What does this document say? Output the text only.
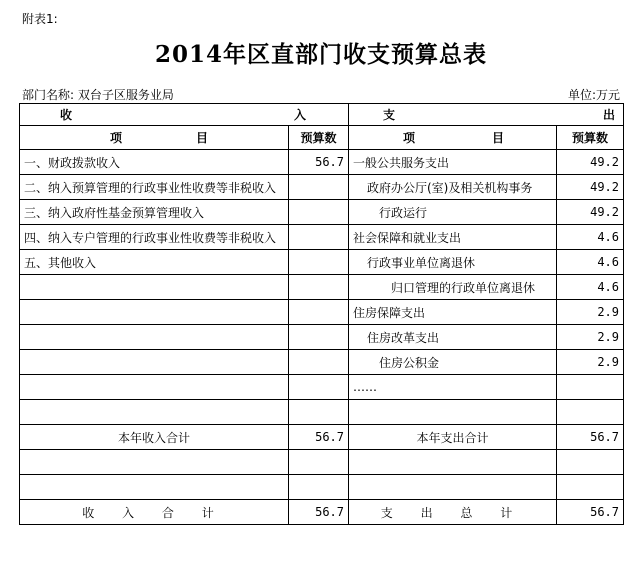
附表1:
2014年区直部门收支预算总表
部门名称: 双台子区服务业局	单位:万元
收 入		支 出	

项 目	预算数	项 目	预算数
一、财政拨款收入	56.7	一般公共服务支出	49.2
二、纳入预算管理的行政事业性收费等非税收入		政府办公厅(室)及相关机构事务	49.2
三、纳入政府性基金预算管理收入		行政运行	49.2
四、纳入专户管理的行政事业性收费等非税收入		社会保障和就业支出	4.6
五、其他收入		行政事业单位离退休	4.6
		归口管理的行政单位离退休	4.6
		住房保障支出	2.9
		住房改革支出	2.9
		住房公积金	2.9
		……	

本年收入合计	56.7	本年支出合计	56.7

收 入 合 计	56.7	支 出 总 计	56.7
